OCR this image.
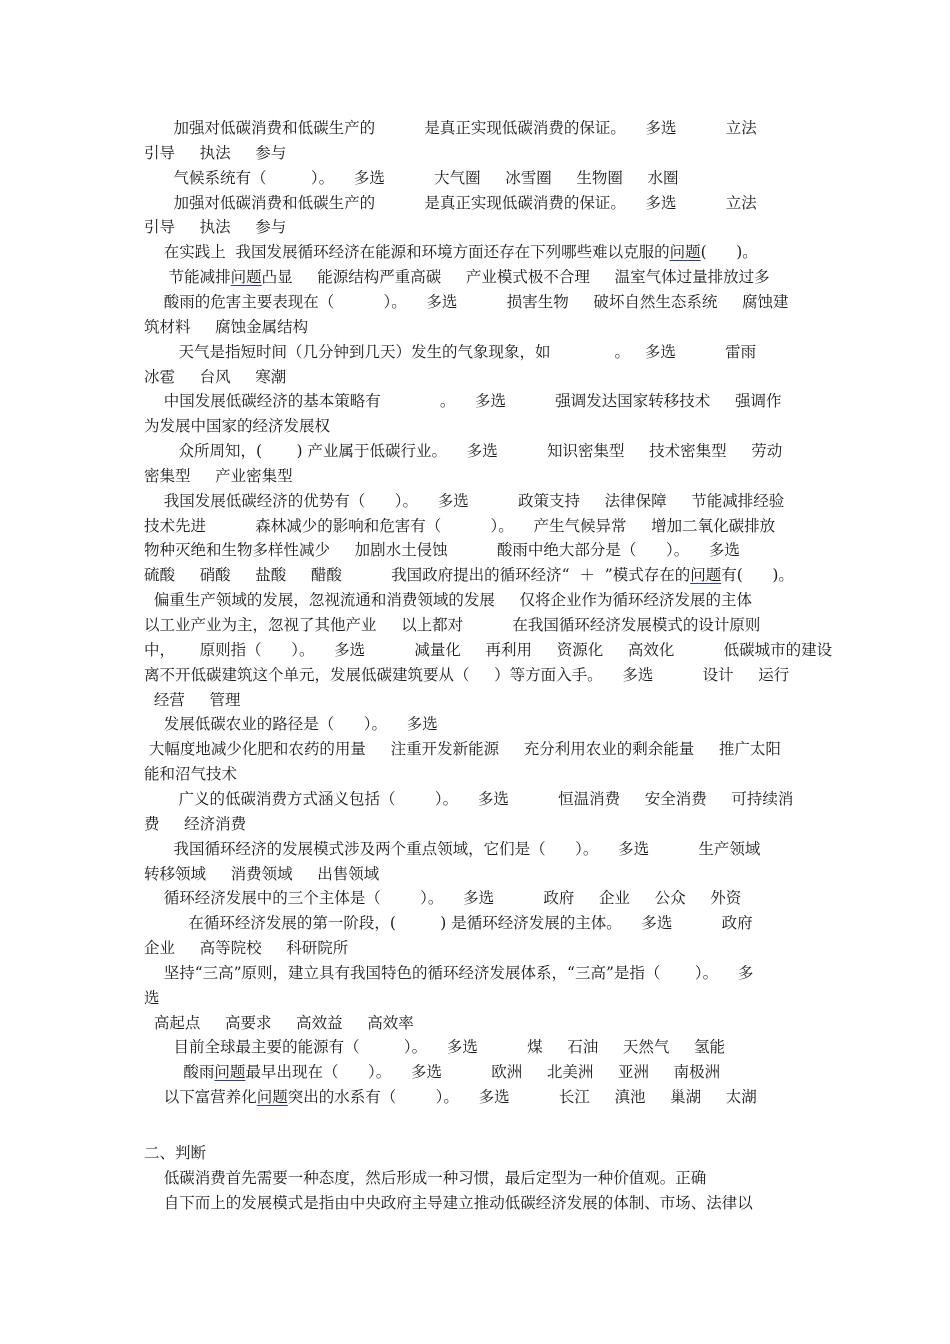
加强对低碳消费和低碳生产的          是真正实现低碳消费的保证。    多选          立法
引导     执法     参与
气候系统有（         ）。    多选          大气圈     冰雪圈     生物圈     水圈
加强对低碳消费和低碳生产的          是真正实现低碳消费的保证。    多选          立法
引导     执法     参与
在实践上  我国发展循环经济在能源和环境方面还存在下列哪些难以克服的问题(      )。
节能减排问题凸显     能源结构严重高碳     产业模式极不合理     温室气体过量排放过多
酸雨的危害主要表现在（          ）。    多选          损害生物     破坏自然生态系统     腐蚀建
筑材料     腐蚀金属结构
天气是指短时间（几分钟到几天）发生的气象现象，如             。   多选          雷雨
冰雹     台风     寒潮
中国发展低碳经济的基本策略有            。    多选          强调发达国家转移技术     强调作
为发展中国家的经济发展权
众所周知，(       ) 产业属于低碳行业。    多选          知识密集型     技术密集型     劳动
密集型     产业密集型
我国发展低碳经济的优势有（      ）。    多选          政策支持     法律保障     节能减排经验
技术先进          森林减少的影响和危害有（          ）。    产生气候异常     增加二氧化碳排放
物种灭绝和生物多样性减少     加剧水土侵蚀          酸雨中绝大部分是（      ）。    多选
硫酸     硝酸     盐酸     醋酸          我国政府提出的循环经济“  ＋  ”模式存在的问题有(      )。
偏重生产领域的发展，忽视流通和消费领域的发展     仅将企业作为循环经济发展的主体
以工业产业为主，忽视了其他产业     以上都对          在我国循环经济发展模式的设计原则
中，     原则指（      ）。    多选          减量化     再利用     资源化     高效化          低碳城市的建设
离不开低碳建筑这个单元，发展低碳建筑要从（     ）等方面入手。    多选          设计     运行
经营     管理
发展低碳农业的路径是（      ）。    多选
大幅度地减少化肥和农药的用量     注重开发新能源     充分利用农业的剩余能量     推广太阳
能和沼气技术
广义的低碳消费方式涵义包括（        ）。    多选          恒温消费     安全消费     可持续消
费     经济消费
我国循环经济的发展模式涉及两个重点领域，它们是（      ）。    多选          生产领域
转移领域     消费领域     出售领域
循环经济发展中的三个主体是（        ）。    多选          政府     企业     公众     外资
在循环经济发展的第一阶段，(         ) 是循环经济发展的主体。    多选          政府
企业     高等院校     科研院所
坚持“三高”原则，建立具有我国特色的循环经济发展体系，“三高”是指（       ）。    多
选
高起点     高要求     高效益     高效率
目前全球最主要的能源有（         ）。    多选          煤     石油     天然气     氢能
酸雨问题最早出现在（      ）。    多选          欧洲     北美洲     亚洲     南极洲
以下富营养化问题突出的水系有（        ）。    多选          长江     滇池     巢湖     太湖
二、判断
低碳消费首先需要一种态度，然后形成一种习惯，最后定型为一种价值观。正确
自下而上的发展模式是指由中央政府主导建立推动低碳经济发展的体制、市场、法律以
